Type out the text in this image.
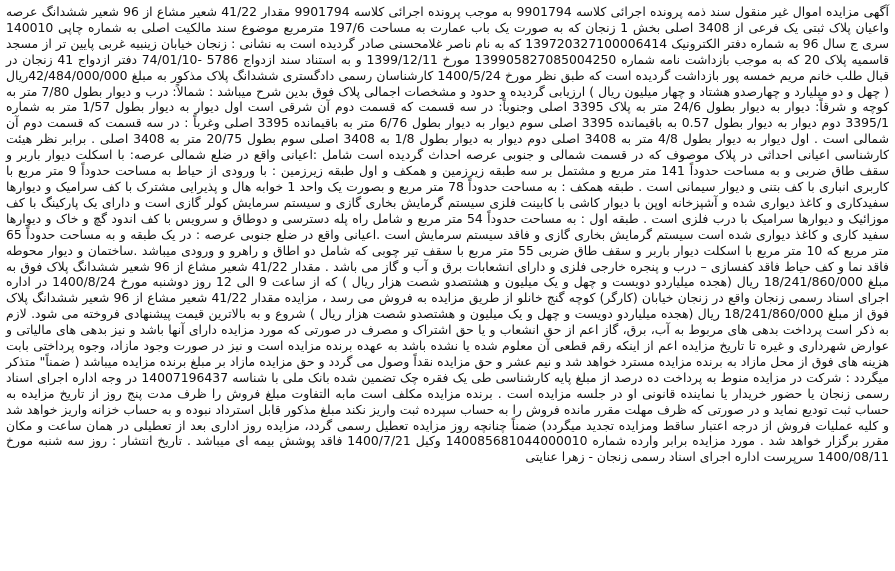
آگهی مزایده اموال غیر منقول سند ذمه پرونده اجرائی کلاسه 9901794 به موجب پرونده اجرائی کلاسه 9901794 مقدار 41/22 شعیر مشاع از 96 شعیر ششدانگ عرصه واعیان پلاک ثبتی یک فرعی از 3408 اصلی بخش 1 زنجان که به صورت یک باب عمارت به مساحت 197/6 مترمربع موضوع سند مالکیت اصلی به شماره چاپی 140010 سری ج سال 96 به شماره دفتر الکترونیک 139720327100006414 که به نام ناصر غلامحسنی صادر گردیده است به نشانی : زنجان خیابان زینبیه غربی پایین تر از مسجد قاسمیه پلاک 20 که به موجب بازداشت نامه شماره 139905827085004250 مورخ 1399/12/11 و به استناد سند ازدواج 5786 -74/01/10 دفتر ازدواج 41 زنجان در قبال طلب خانم مریم خمسه پور بازداشت گردیده است که طبق نظر مورخ 1400/5/24 کارشناسان رسمی دادگستری ششدانگ پلاک مذکور به مبلغ 42/484/000/000ریال ( چهل و دو میلیارد و چهارصدو هشتاد و چهار میلیون ریال ) ارزیابی گردیده و حدود و مشخصات اجمالی پلاک فوق بدین شرح میباشد : شمالاً: درب و دیوار بطول 7/80 متر به کوچه و شرقاً: دیوار به دیوار بطول 24/6 متر به پلاک 3395 اصلی وجنوباً: در سه قسمت که قسمت دوم آن شرقی است اول دیوار به دیوار بطول 1/57 متر به شماره 3395/1 دوم دیوار به دیوار بطول 0.57 به باقیمانده 3395 اصلی سوم دیوار به دیوار بطول 6/76 متر به باقیمانده 3395 اصلی وغرباً : در سه قسمت که قسمت دوم آن شمالی است . اول دیوار به دیوار بطول 4/8 متر به 3408 اصلی دوم دیوار به دیوار بطول 1/8 به 3408 اصلی سوم بطول 20/75 متر به 3408 اصلی . برابر نظر هیئت کارشناسی اعیانی احداثی در پلاک موصوف که در قسمت شمالی و جنوبی عرصه احداث گردیده است شامل :اعیانی واقع در ضلع شمالی عرصه: با اسکلت دیوار باربر و سقف طاق ضربی و به مساحت حدوداً 141 متر مربع و مشتمل بر سه طبقه زیرزمین و همکف و اول طبقه زیرزمین : با ورودی از حیاط به مساحت حدوداً 9 متر مربع با کاربری انباری با کف بتنی و دیوار سیمانی است . طبقه همکف : به مساحت حدوداً 78 متر مربع و بصورت یک واحد 1 خوابه هال و پذیرایی مشترک با کف سرامیک و دیوارها سفیدکاری و کاغذ دیواری شده و آشپزخانه اوپن با دیوار کاشی با کابینت فلزی سیستم گرمایش بخاری گازی و سیستم سرمایش کولر گازی است و دارای یک پارکینگ با کف موزائیک و دیوارها سرامیک با درب فلزی است . طبقه اول : به مساحت حدوداً 54 متر مربع و شامل راه پله دسترسی و دوطاق و سرویس با کف اندود گچ و خاک و دیوارها سفید کاری و کاغذ دیواری شده است سیستم گرمایش بخاری گازی و فاقد سیستم سرمایش است .اعیانی واقع در ضلع جنوبی عرصه : در یک طبقه و به مساحت حدوداً 65 متر مربع که 10 متر مربع با اسکلت دیوار باربر و سقف طاق ضربی 55 متر مربع با سقف تیر چوبی که شامل دو اطاق و راهرو و ورودی میباشد .ساختمان و دیوار محوطه فاقد نما و کف حیاط فاقد کفسازی – درب و پنجره خارجی فلزی و دارای انشعابات برق و آب و گاز می باشد . مقدار 41/22 شعیر مشاع از 96 شعیر ششدانگ پلاک فوق به مبلغ 18/241/860/000 ریال (هجده میلیاردو دویست و چهل و یک میلیون و هشتصدو شصت هزار ریال ) که از ساعت 9 الی 12 روز دوشنبه مورخ 1400/8/24 در اداره اجرای اسناد رسمی زنجان واقع در زنجان خیابان (کارگر) کوچه گنج خانلو از طریق مزایده به فروش می رسد ، مزایده مقدار 41/22 شعیر مشاع از 96 شعیر ششدانگ پلاک فوق از مبلغ 18/241/860/000 ریال (هجده میلیاردو دویست و چهل و یک میلیون و هشتصدو شصت هزار ریال ) شروع و به بالاترین قیمت پیشنهادی فروخته می شود. لازم به ذکر است پرداخت بدهی های مربوط به آب، برق، گاز اعم از حق انشعاب و یا حق اشتراک و مصرف در صورتی که مورد مزایده دارای آنها باشد و نیز بدهی های مالیاتی و عوارض شهرداری و غیره تا تاریخ مزایده اعم از اینکه رقم قطعی آن معلوم شده یا نشده باشد به عهده برنده مزایده است و نیز در صورت وجود مازاد، وجوه پرداختی بابت هزینه های فوق از محل مازاد به برنده مزایده مسترد خواهد شد و نیم عشر و حق مزایده نقداً وصول می گردد و حق مزایده مازاد بر مبلغ برنده مزایده میباشد ( ضمناً" متذکر میگردد : شرکت در مزایده منوط به پرداخت ده درصد از مبلغ پایه کارشناسی طی یک فقره چک تضمین شده بانک ملی با شناسه 14007196437 در وجه اداره اجرای اسناد رسمی زنجان یا حضور خریدار یا نماینده قانونی او در جلسه مزایده است . برنده مزایده مکلف است مابه التفاوت مبلغ فروش را ظرف مدت پنج روز از تاریخ مزایده به حساب ثبت تودیع نماید و در صورتی که ظرف مهلت مقرر مانده فروش را به حساب سپرده ثبت واریز نکند مبلغ مذکور قابل استرداد نبوده و به حساب خزانه واریز خواهد شد و کلیه عملیات فروش از درجه اعتبار ساقط ومزایده تجدید میگردد) ضمناً چنانچه روز مزایده تعطیل رسمی گردد، مزایده روز اداری بعد از تعطیلی در همان ساعت و مکان مقرر برگزار خواهد شد . مورد مزایده برابر وارده شماره 140085681044000010 وکیل 1400/7/21 فاقد پوشش بیمه ای میباشد . تاریخ انتشار : روز سه شنبه مورخ 1400/08/11 سرپرست اداره اجرای اسناد رسمی زنجان - زهرا عنایتی
